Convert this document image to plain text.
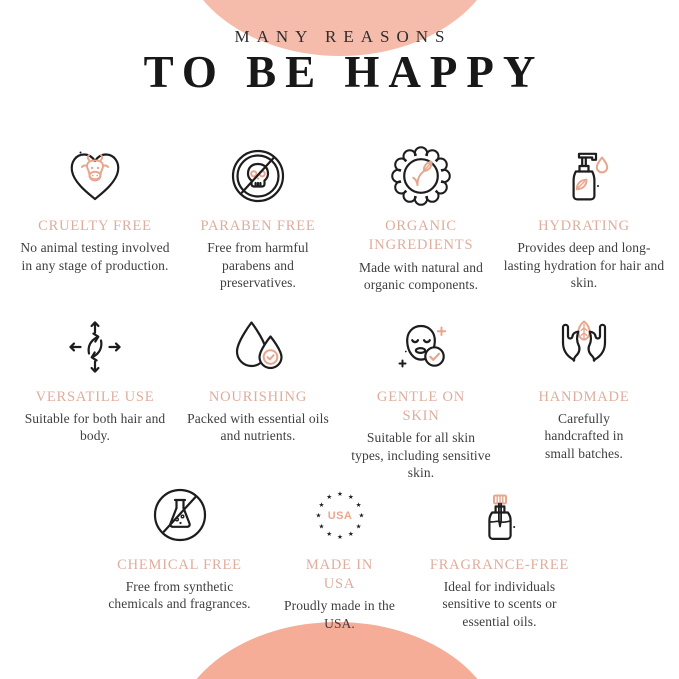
MANY REASONS
TO BE HAPPY
CRUELTY FREE
No animal testing involved in any stage of production.
PARABEN FREE
Free from harmful parabens and preservatives.
ORGANIC INGREDIENTS
Made with natural and organic components.
HYDRATING
Provides deep and long-lasting hydration for hair and skin.
VERSATILE USE
Suitable for both hair and body.
NOURISHING
Packed with essential oils and nutrients.
GENTLE ON SKIN
Suitable for all skin types, including sensitive skin.
HANDMADE
Carefully handcrafted in small batches.
CHEMICAL FREE
Free from synthetic chemicals and fragrances.
★ ★
★
★
★
★
★
★
★
★
★
★
USA
MADE IN USA
Proudly made in the USA.
FRAGRANCE-FREE
Ideal for individuals sensitive to scents or essential oils.
